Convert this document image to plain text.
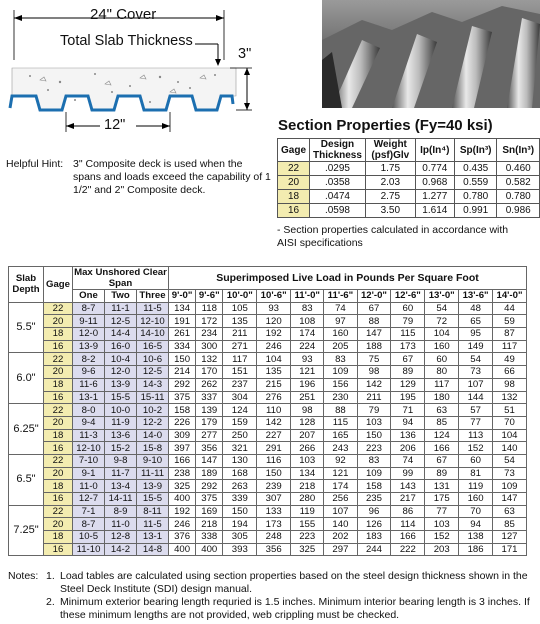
24" Cover
Total Slab Thickness
3"
12"
Helpful Hint: 3" Composite deck is used when the spans and loads exceed the capability of 1 1/2" and 2" Composite deck.
Section Properties (Fy=40 ksi)
Gage	Design Thickness	Weight (psf)Glv	Ip(In⁴)	Sp(In³)	Sn(In³)
22	.0295	1.75	0.774	0.435	0.460
20	.0358	2.03	0.968	0.559	0.582
18	.0474	2.75	1.277	0.780	0.780
16	.0598	3.50	1.614	0.991	0.986
- Section properties calculated in accordance with AISI specifications
Slab Depth	Gage	Max Unshored Clear Span			Superimposed Live Load in Pounds Per Square Foot										
		One	Two	Three	9'-0"	9'-6"	10'-0"	10'-6"	11'-0"	11'-6"	12'-0"	12'-6"	13'-0"	13'-6"	14'-0"
5.5"	22	8-7	11-1	11-5	134	118	105	93	83	74	67	60	54	48	44
	20	9-11	12-5	12-10	191	172	135	120	108	97	88	79	72	65	59
	18	12-0	14-4	14-10	261	234	211	192	174	160	147	115	104	95	87
	16	13-9	16-0	16-5	334	300	271	246	224	205	188	173	160	149	117
6.0"	22	8-2	10-4	10-6	150	132	117	104	93	83	75	67	60	54	49
	20	9-6	12-0	12-5	214	170	151	135	121	109	98	89	80	73	66
	18	11-6	13-9	14-3	292	262	237	215	196	156	142	129	117	107	98
	16	13-1	15-5	15-11	375	337	304	276	251	230	211	195	180	144	132
6.25"	22	8-0	10-0	10-2	158	139	124	110	98	88	79	71	63	57	51
	20	9-4	11-9	12-2	226	179	159	142	128	115	103	94	85	77	70
	18	11-3	13-6	14-0	309	277	250	227	207	165	150	136	124	113	104
	16	12-10	15-2	15-8	397	356	321	291	266	243	223	206	166	152	140
6.5"	22	7-10	9-8	9-10	166	147	130	116	103	92	83	74	67	60	54
	20	9-1	11-7	11-11	238	189	168	150	134	121	109	99	89	81	73
	18	11-0	13-4	13-9	325	292	263	239	218	174	158	143	131	119	109
	16	12-7	14-11	15-5	400	375	339	307	280	256	235	217	175	160	147
7.25"	22	7-1	8-9	8-11	192	169	150	133	119	107	96	86	77	70	63
	20	8-7	11-0	11-5	246	218	194	173	155	140	126	114	103	94	85
	18	10-5	12-8	13-1	376	338	305	248	223	202	183	166	152	138	127
	16	11-10	14-2	14-8	400	400	393	356	325	297	244	222	203	186	171
Notes: 1. Load tables are calculated using section properties based on the steel design thickness shown in the Steel Deck Institute (SDI) design manual.
2. Minimum exterior bearing length requried is 1.5 inches. Minimum interior bearing length is 3 inches. If these minimum lengths are not provided, web crippling must be checked.
